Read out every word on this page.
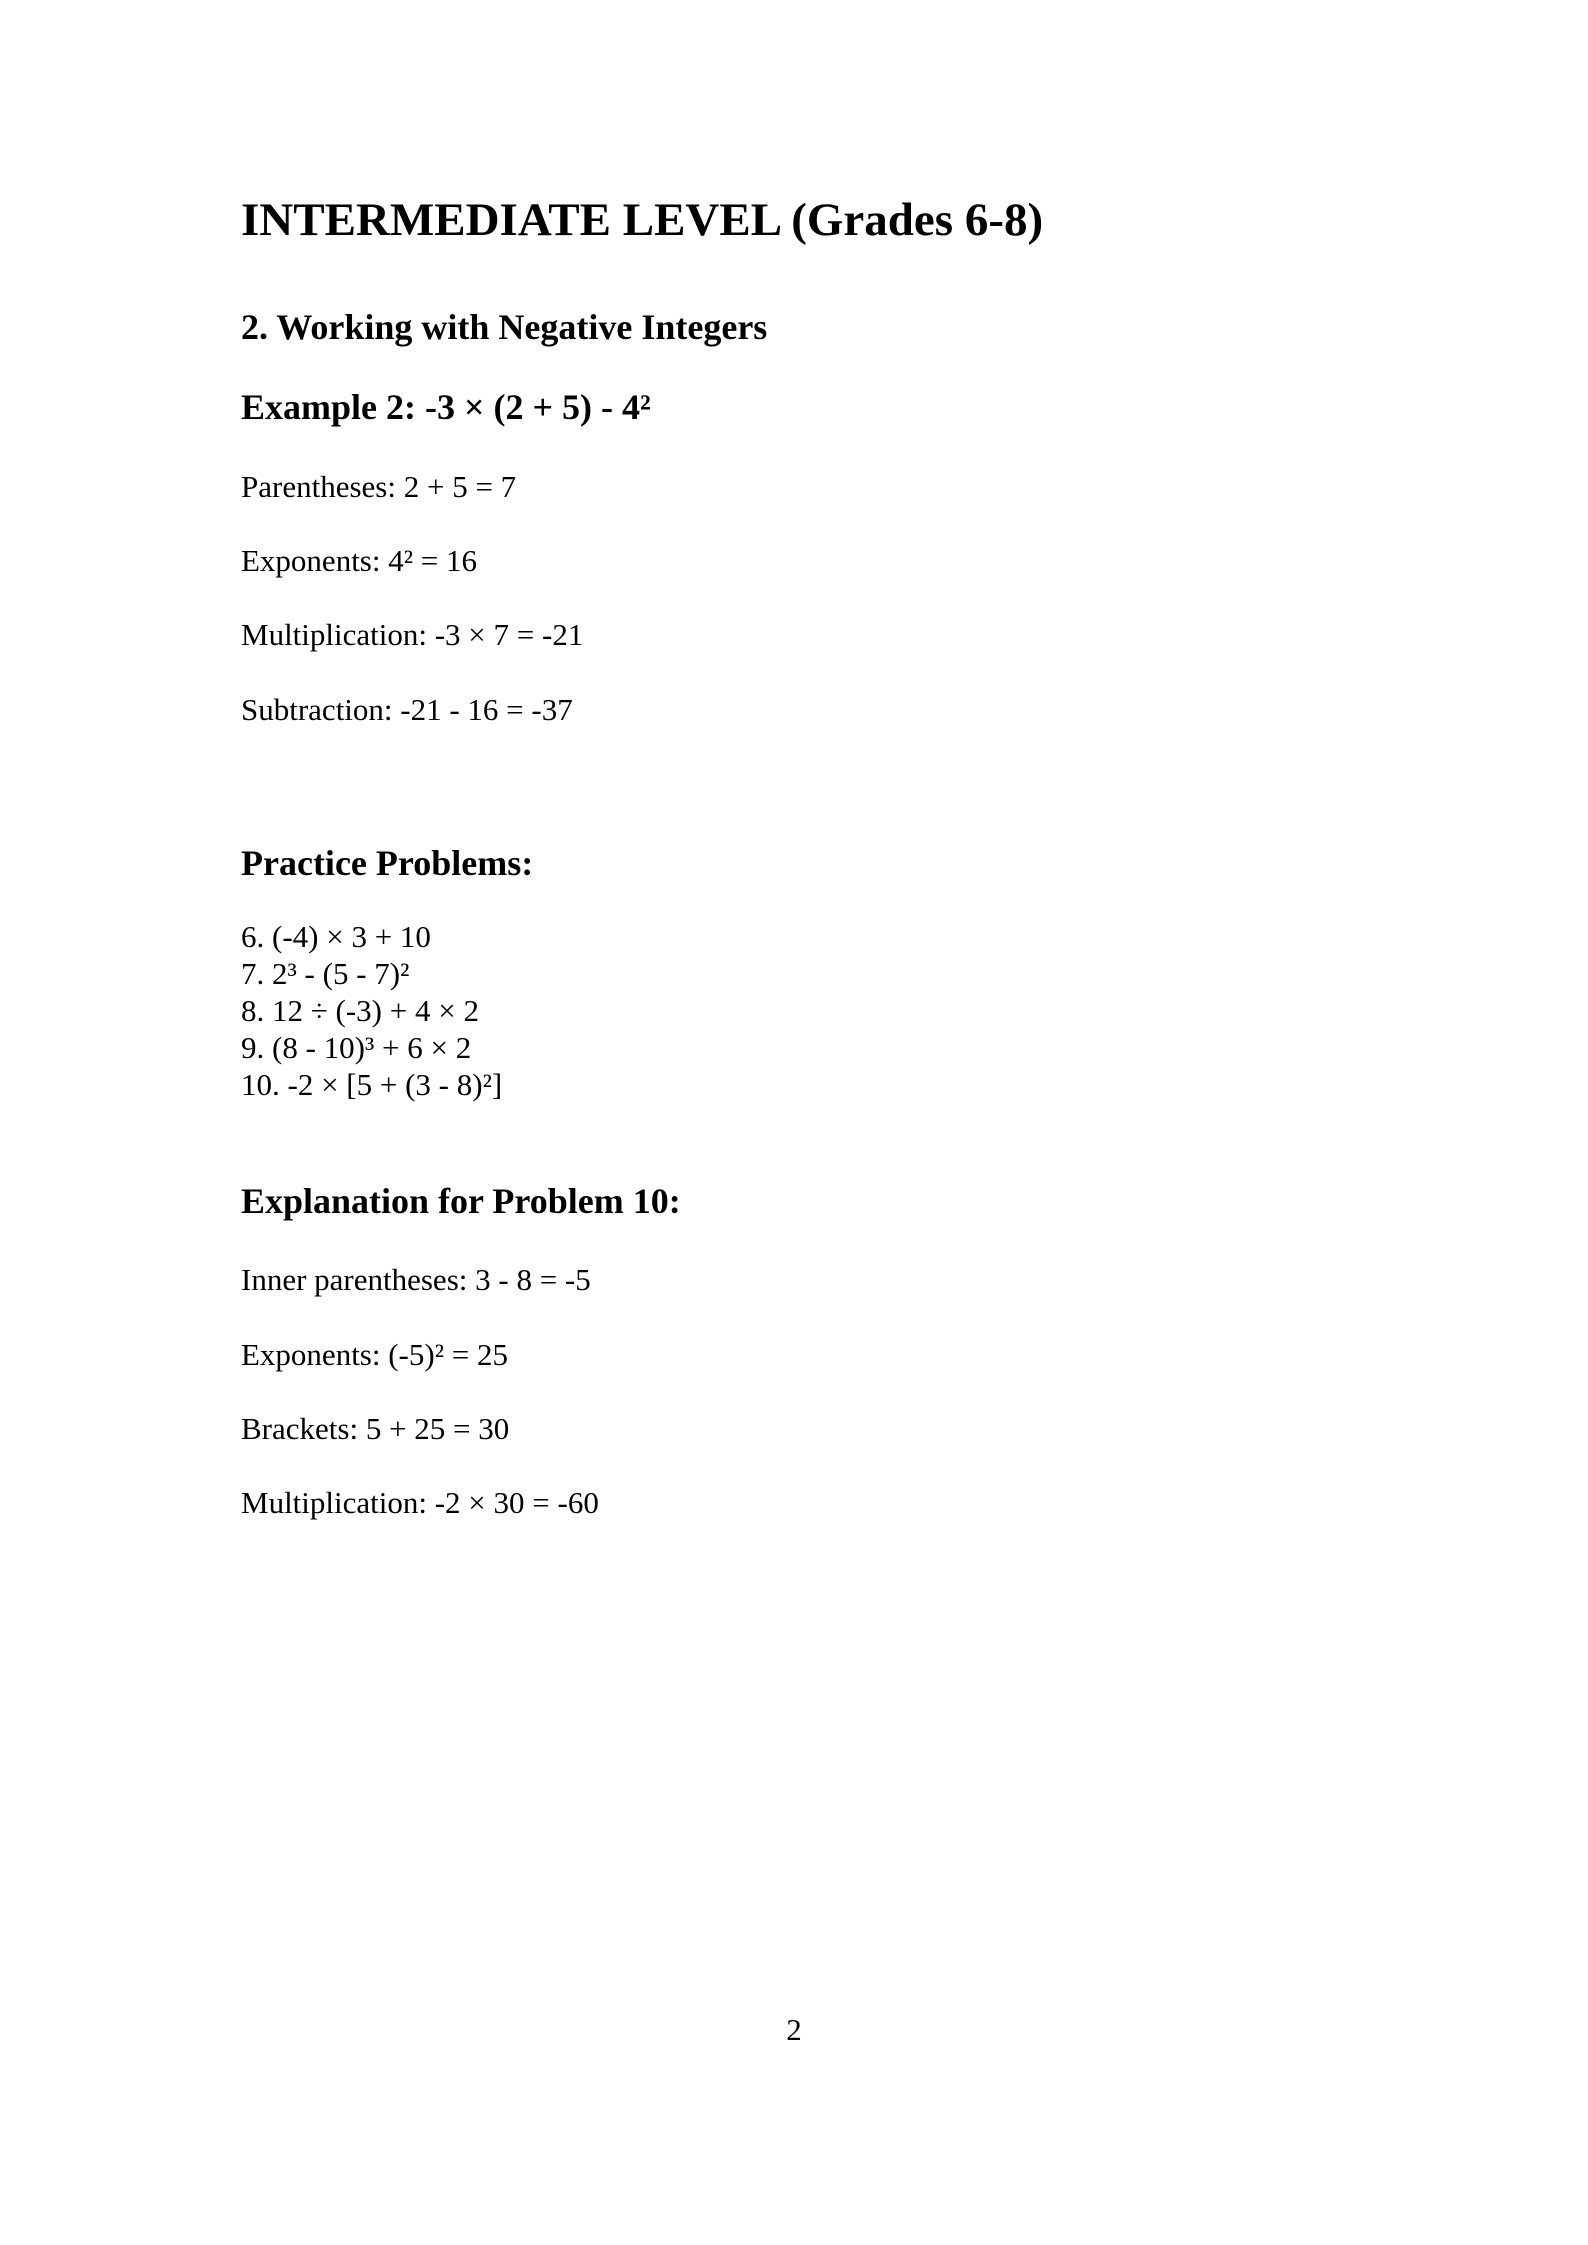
INTERMEDIATE LEVEL (Grades 6-8)
2. Working with Negative Integers
Example 2: -3 × (2 + 5) - 4²

Parentheses: 2 + 5 = 7

Exponents: 4² = 16

Multiplication: -3 × 7 = -21

Subtraction: -21 - 16 = -37

Practice Problems:
6. (-4) × 3 + 10
7. 2³ - (5 - 7)²
8. 12 ÷ (-3) + 4 × 2
9. (8 - 10)³ + 6 × 2
10. -2 × [5 + (3 - 8)²]
Explanation for Problem 10:

Inner parentheses: 3 - 8 = -5

Exponents: (-5)² = 25

Brackets: 5 + 25 = 30

Multiplication: -2 × 30 = -60

2
